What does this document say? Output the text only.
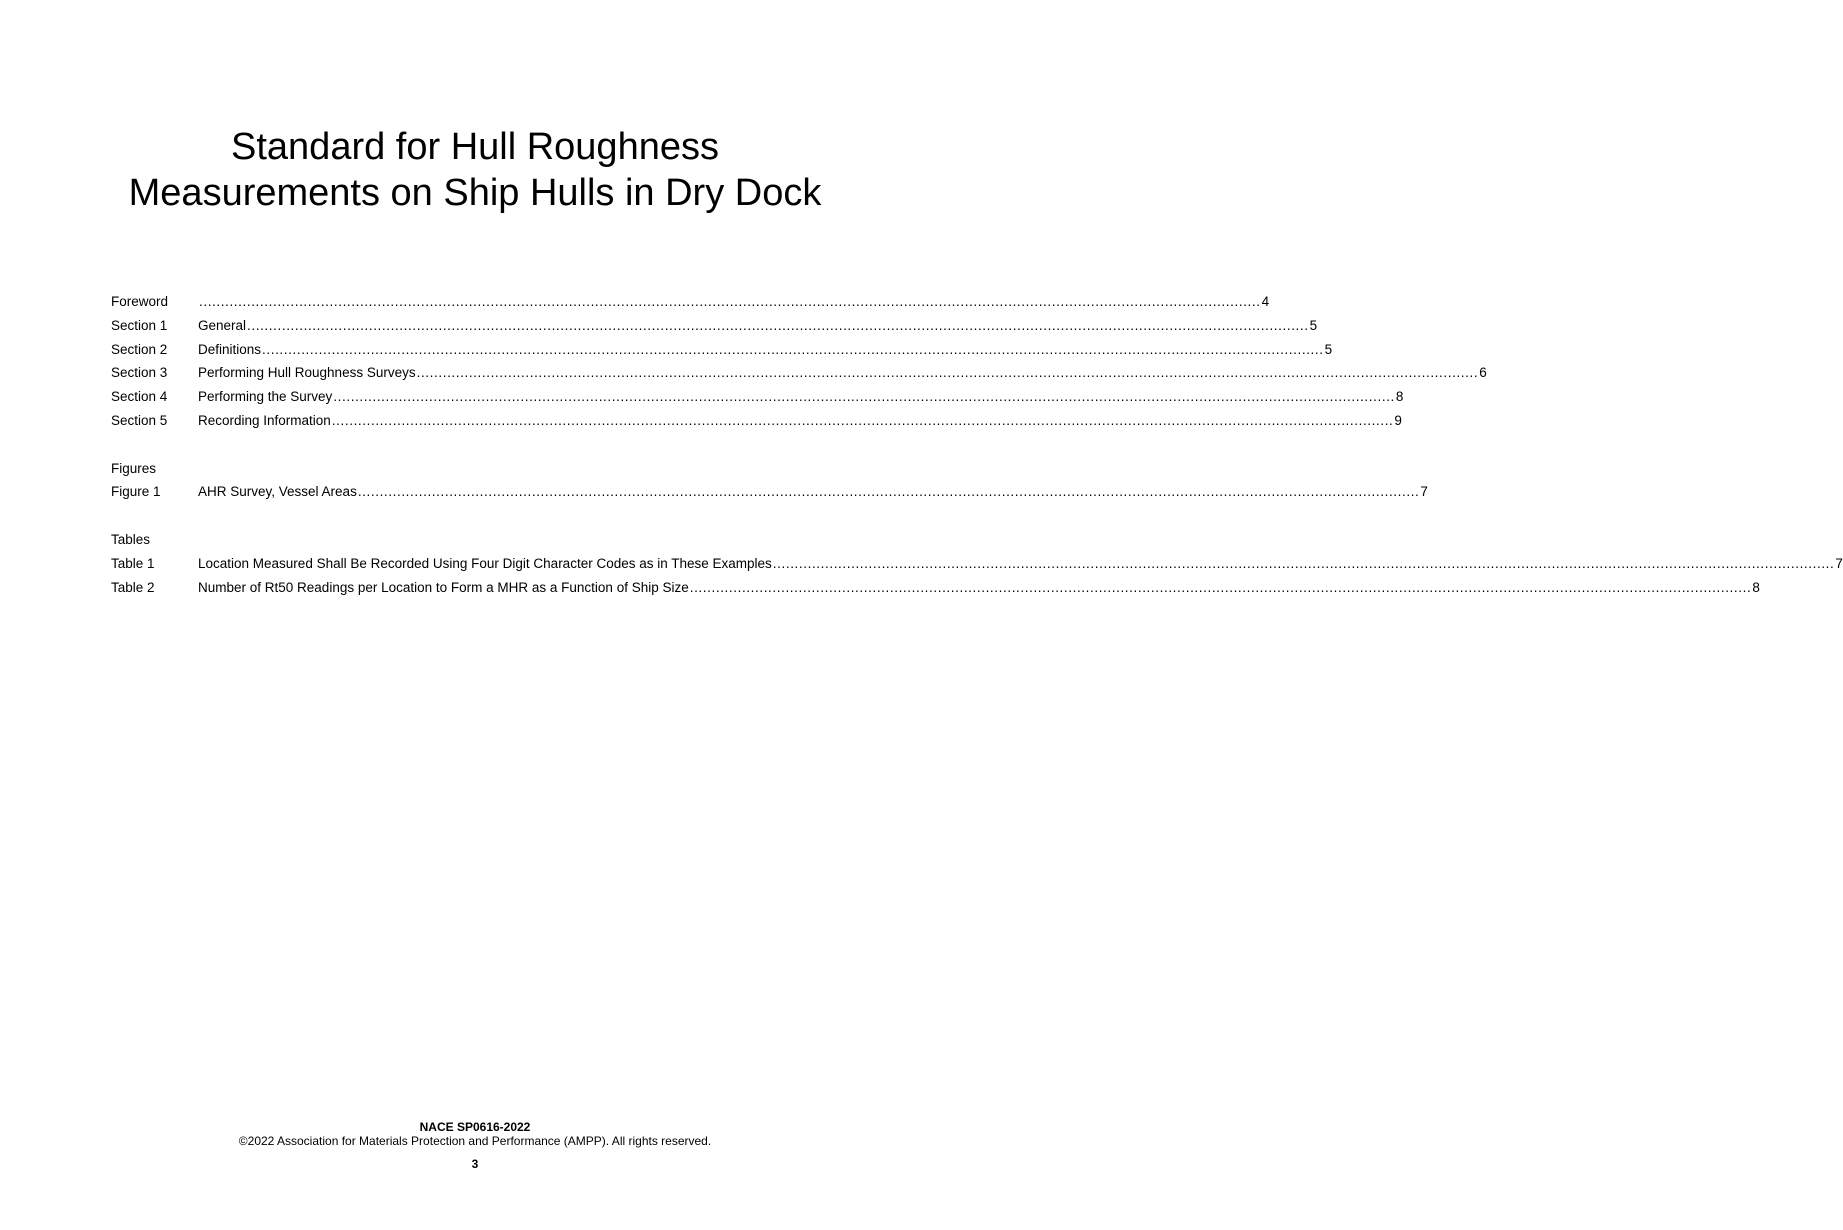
Standard for Hull Roughness
Measurements on Ship Hulls in Dry Dock
Foreword	.................................................................................................................................................................................................................................................... 4
Section 1	General .................................................................................................................................................................................................................................................... 5
Section 2	Definitions .................................................................................................................................................................................................................................................... 5
Section 3	Performing Hull Roughness Surveys .................................................................................................................................................................................................................................................... 6
Section 4	Performing the Survey .................................................................................................................................................................................................................................................... 8
Section 5	Recording Information .................................................................................................................................................................................................................................................... 9
Figures
Figure 1	AHR Survey, Vessel Areas .................................................................................................................................................................................................................................................... 7
Tables
Table 1	Location Measured Shall Be Recorded Using Four Digit Character Codes as in These Examples .................................................................................................................................................................................................................................................... 7
Table 2	Number of Rt50 Readings per Location to Form a MHR as a Function of Ship Size .................................................................................................................................................................................................................................................... 8
NACE SP0616-2022
©2022 Association for Materials Protection and Performance (AMPP). All rights reserved.
3
